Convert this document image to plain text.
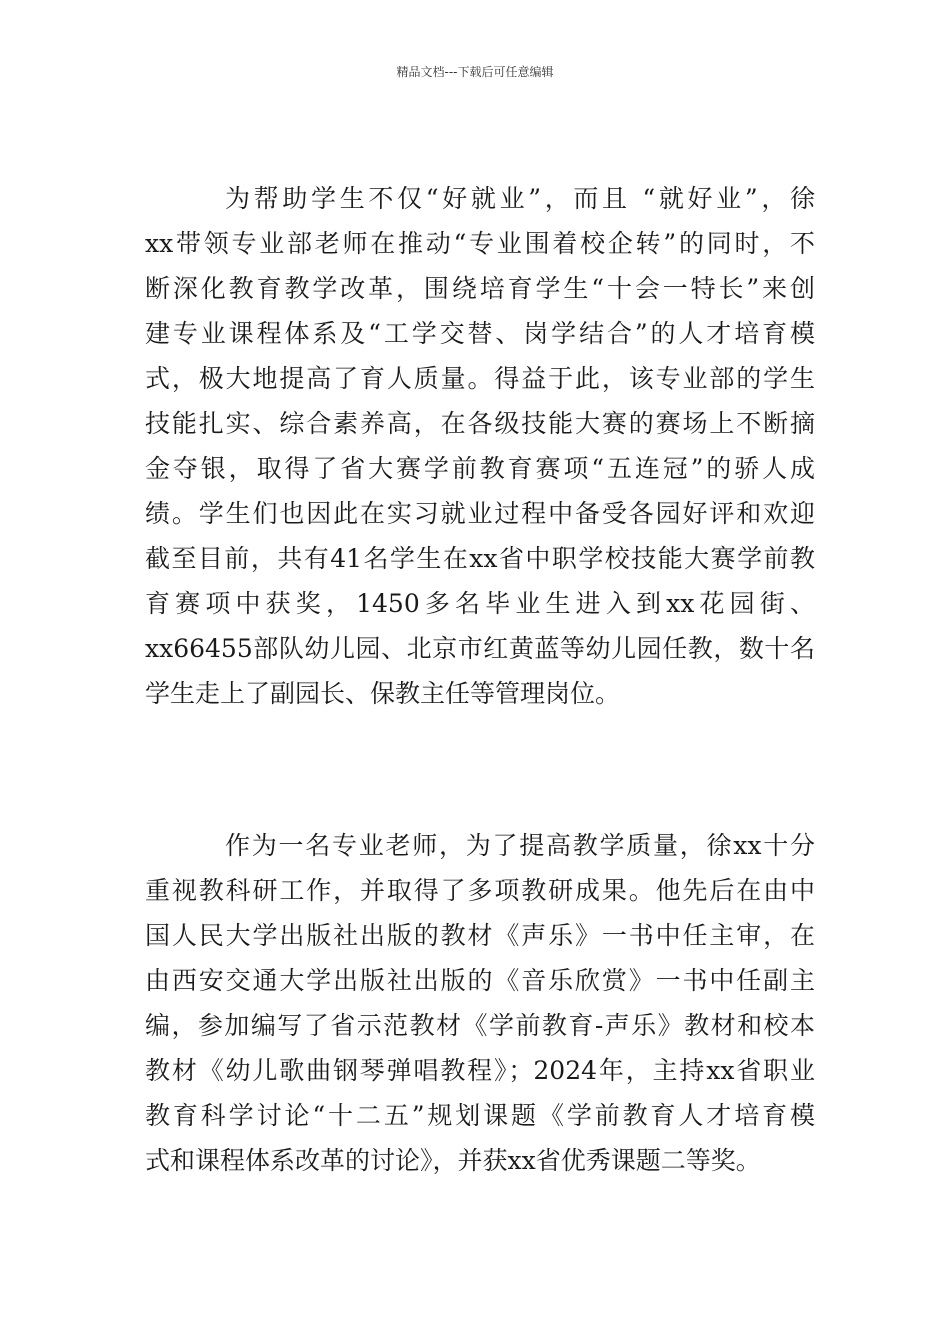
精品文档---下载后可任意编辑
为帮助学生不仅“好就业”，而且 “就好业”，徐
xx带领专业部老师在推动“专业围着校企转”的同时，不
断深化教育教学改革，围绕培育学生“十会一特长”来创
建专业课程体系及“工学交替、岗学结合”的人才培育模
式，极大地提高了育人质量。得益于此，该专业部的学生
技能扎实、综合素养高，在各级技能大赛的赛场上不断摘
金夺银，取得了省大赛学前教育赛项“五连冠”的骄人成
绩。学生们也因此在实习就业过程中备受各园好评和欢迎
截至目前，共有41名学生在xx省中职学校技能大赛学前教
育赛项中获奖，1450多名毕业生进入到xx花园街、
xx66455部队幼儿园、北京市红黄蓝等幼儿园任教，数十名
学生走上了副园长、保教主任等管理岗位。
作为一名专业老师，为了提高教学质量，徐xx十分
重视教科研工作，并取得了多项教研成果。他先后在由中
国人民大学出版社出版的教材《声乐》一书中任主审，在
由西安交通大学出版社出版的《音乐欣赏》一书中任副主
编，参加编写了省示范教材《学前教育-声乐》教材和校本
教材《幼儿歌曲钢琴弹唱教程》；2024年，主持xx省职业
教育科学讨论“十二五”规划课题《学前教育人才培育模
式和课程体系改革的讨论》，并获xx省优秀课题二等奖。
